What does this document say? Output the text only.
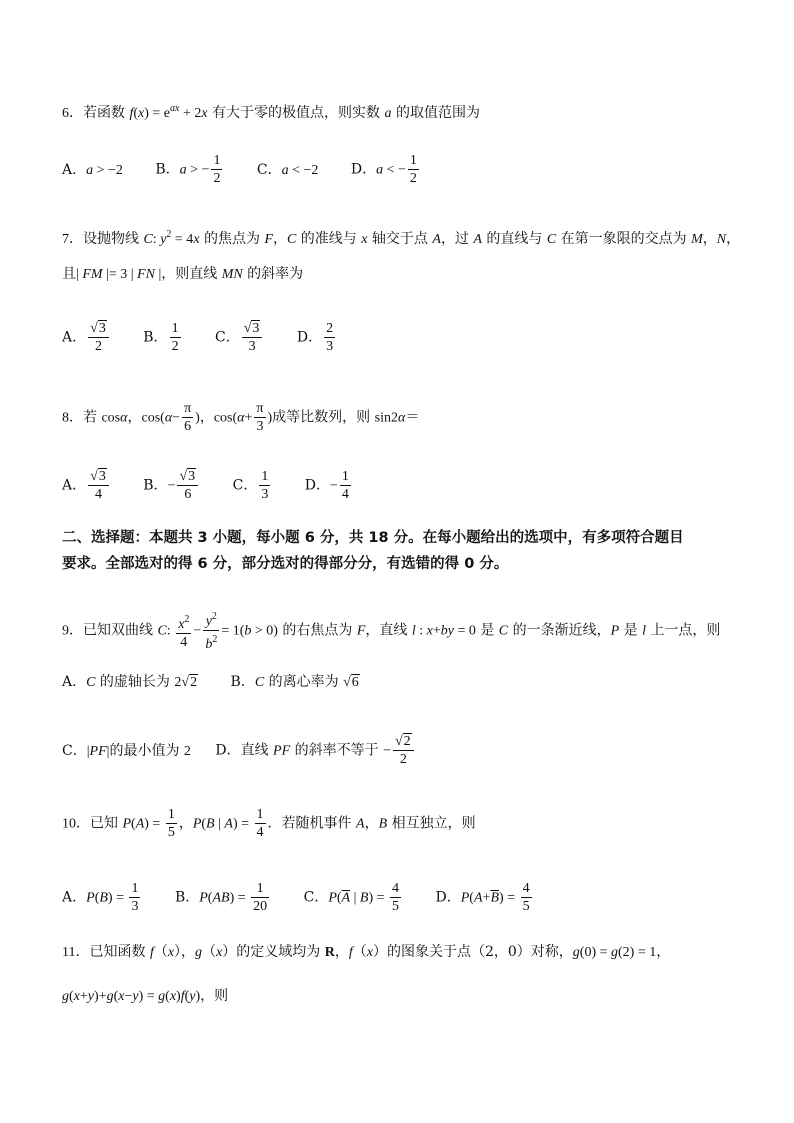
6．若函数 $f(x) = e^{ax} + 2x$ 有大于零的极值点，则实数 a 的取值范围为
A．a > −2 B．a > − $\frac{1}{2}$ C．a < −2 D．a < − $\frac{1}{2}$
7．设抛物线 C: $y^2 = 4x$ 的焦点为 F，C 的准线与 x 轴交于点 A，过 A 的直线与 C 在第一象限的交点为 M，N，
且| FM |= 3 | FN |，则直线 MN 的斜率为
A． $\frac{√3}{2}$ B． $\frac{1}{2}$ C． $\frac{√3}{3}$ D． $\frac{2}{3}$
8．若 cosα，$\cos(\alpha- \frac{\pi}{6}$ )，$\cos(\alpha+ \frac{\pi}{3}$ )成等比数列，则 sin2α＝
A． $\frac{√3}{4}$ B．− $\frac{√3}{6}$ C． $\frac{1}{3}$ D．− $\frac{1}{4}$
二、选择题：本题共 3 小题，每小题 6 分，共 18 分。在每小题给出的选项中，有多项符合题目
要求。全部选对的得 6 分，部分选对的得部分分，有选错的得 0 分。
9．已知双曲线 C: $\frac{x^2}{4} - \frac{y^2}{b^2} = 1(b > 0)$ 的右焦点为 F，直线 l : x+by = 0 是 C 的一条渐近线，P 是 l 上一点，则
A．C 的虚轴长为 2√2 B．C 的离心率为 √6
C．|PF|的最小值为 2 D．直线 PF 的斜率不等于 − $\frac{√2}{2}$
10．已知 $P(A) = \frac{1}{5}$ ，P(B | $A) = \frac{1}{4}$ ．若随机事件 A，B 相互独立，则
A．$P(B) = \frac{1}{3}$ B．$P(AB) = \frac{1}{20}$ C．$P(\overline{A}$ | $B) = \frac{4}{5}$ D．$P(A+\overline{B}) = \frac{4}{5}$
11．已知函数 f（x），g（x）的定义域均为 R，f（x）的图象关于点（2，0）对称，g(0) = g(2) = 1，
g(x+y)+g(x−y) = g(x)f(y)，则
